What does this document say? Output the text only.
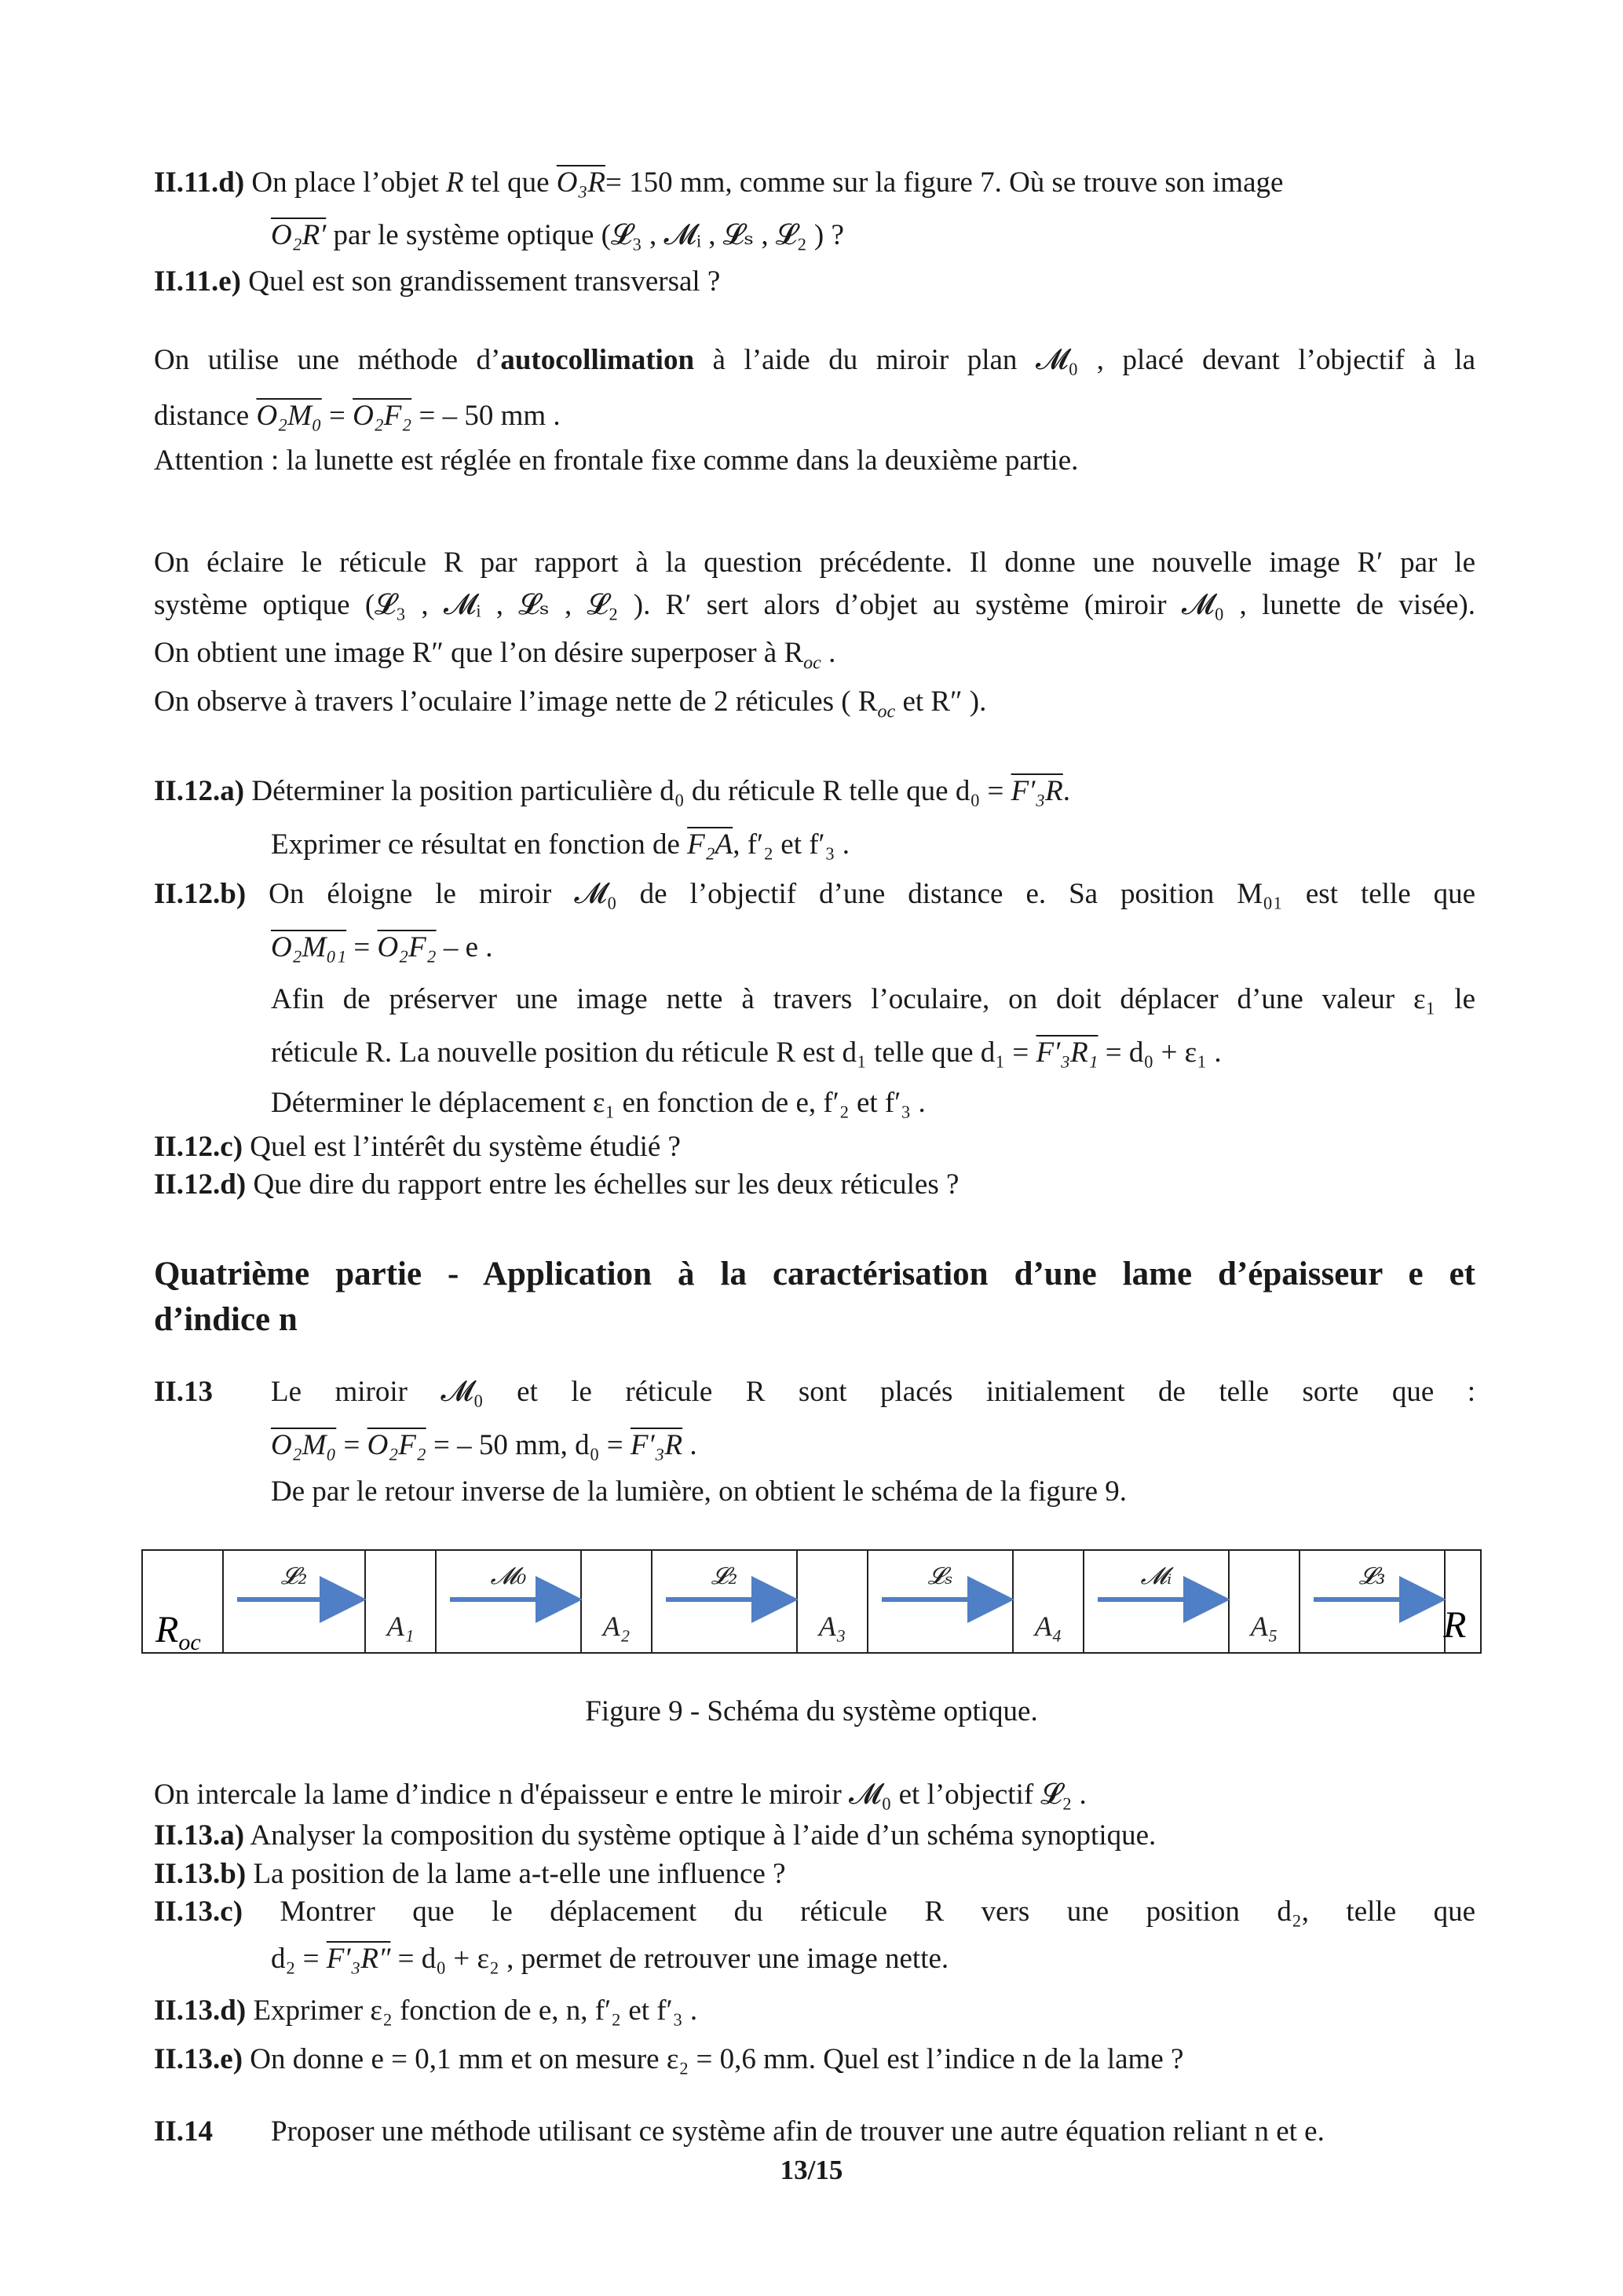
II.11.d) On place l’objet R tel que O₃R= 150 mm, comme sur la figure 7. Où se trouve son image
O₂R′ par le système optique (𝓛₃ , 𝓜ᵢ , 𝓛ₛ , 𝓛₂ ) ?
II.11.e) Quel est son grandissement transversal ?
On utilise une méthode d’autocollimation à l’aide du miroir plan 𝓜₀ , placé devant l’objectif à la
distance O₂M₀ = O₂F₂ = – 50 mm .
Attention : la lunette est réglée en frontale fixe comme dans la deuxième partie.
On éclaire le réticule R par rapport à la question précédente. Il donne une nouvelle image R′ par le
système optique (𝓛₃ , 𝓜ᵢ , 𝓛ₛ , 𝓛₂ ). R′ sert alors d’objet au système (miroir 𝓜₀ , lunette de visée).
On obtient une image R″ que l’on désire superposer à $R_{oc}$ .
On observe à travers l’oculaire l’image nette de 2 réticules ( $R_{oc}$ et R″ ).
II.12.a) Déterminer la position particulière d₀ du réticule R telle que d₀ = F′₃R.
Exprimer ce résultat en fonction de F₂A, f′₂ et f′₃ .
II.12.b) On éloigne le miroir 𝓜₀ de l’objectif d’une distance e. Sa position M₀₁ est telle que
O₂M₀₁ = O₂F₂ – e .
Afin de préserver une image nette à travers l’oculaire, on doit déplacer d’une valeur ε₁ le
réticule R. La nouvelle position du réticule R est d₁ telle que d₁ = F′₃R₁ = d₀ + ε₁ .
Déterminer le déplacement ε₁ en fonction de e, f′₂ et f′₃ .
II.12.c) Quel est l’intérêt du système étudié ?
II.12.d) Que dire du rapport entre les échelles sur les deux réticules ?
Quatrième partie - Application à la caractérisation d’une lame d’épaisseur e et
d’indice n
II.13 Le miroir 𝓜₀ et le réticule R sont placés initialement de telle sorte que :
O₂M₀ = O₂F₂ = – 50 mm, d₀ = F′₃R .
De par le retour inverse de la lumière, on obtient le schéma de la figure 9.
𝓛₂	𝓜₀	𝓛₂	𝓛ₛ	𝓜ᵢ	𝓛₃
A₁	A₂	A₃	A₄	A₅
$R_{oc}$	R
Figure 9 - Schéma du système optique.
On intercale la lame d’indice n d'épaisseur e entre le miroir 𝓜₀ et l’objectif 𝓛₂ .
II.13.a) Analyser la composition du système optique à l’aide d’un schéma synoptique.
II.13.b) La position de la lame a-t-elle une influence ?
II.13.c) Montrer que le déplacement du réticule R vers une position d₂, telle que
d₂ = F′₃R″ = d₀ + ε₂ , permet de retrouver une image nette.
II.13.d) Exprimer ε₂ fonction de e, n, f′₂ et f′₃ .
II.13.e) On donne e = 0,1 mm et on mesure ε₂ = 0,6 mm. Quel est l’indice n de la lame ?
II.14 Proposer une méthode utilisant ce système afin de trouver une autre équation reliant n et e.
13/15
